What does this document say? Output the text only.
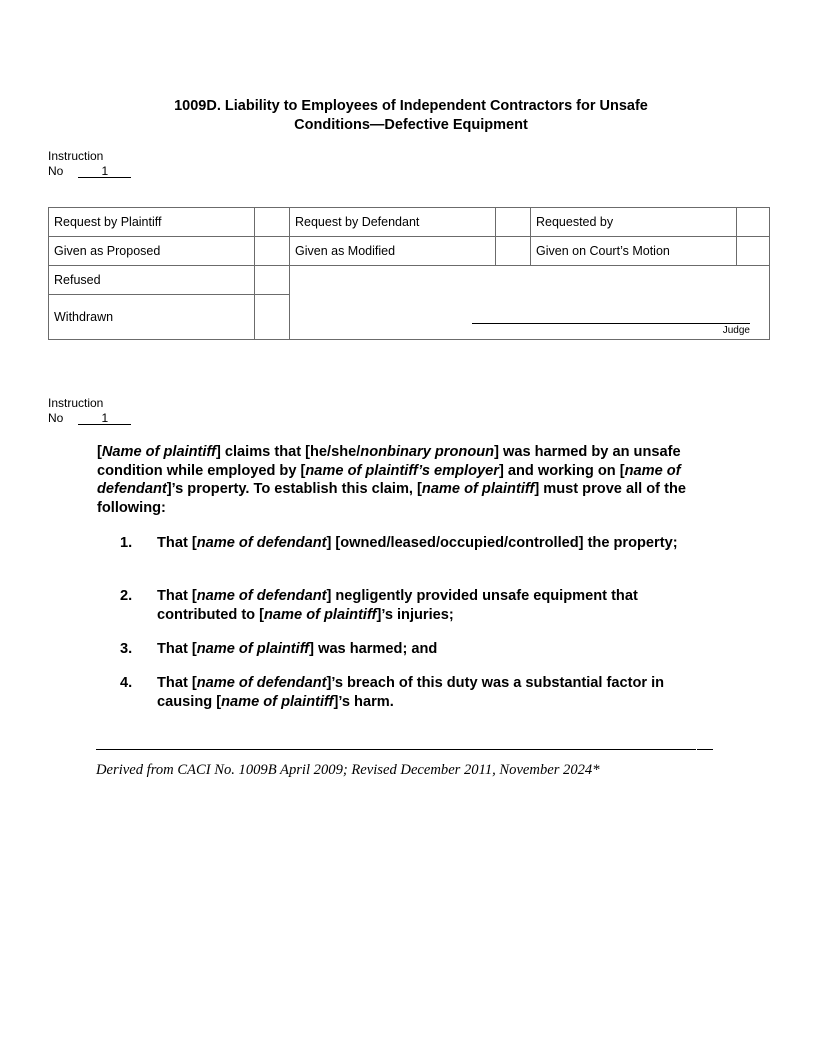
1009D. Liability to Employees of Independent Contractors for Unsafe
Conditions—Defective Equipment
Instruction
No	1
Request by Plaintiff		Request by Defendant		Requested by	
Given as Proposed		Given as Modified		Given on Court’s Motion	
Refused		Judge			

Withdrawn					
Instruction
No	1

[Name of plaintiff] claims that [he/she/nonbinary pronoun] was harmed by an unsafe condition while employed by [name of plaintiff’s employer] and working on [name of defendant]’s property. To establish this claim, [name of plaintiff] must prove all of the following:

1. That [name of defendant] [owned/leased/occupied/controlled] the property;
2. That [name of defendant] negligently provided unsafe equipment that contributed to [name of plaintiff]’s injuries;
3. That [name of plaintiff] was harmed; and
4. That [name of defendant]’s breach of this duty was a substantial factor in causing [name of plaintiff]’s harm.
Derived from CACI No. 1009B April 2009; Revised December 2011, November 2024*
